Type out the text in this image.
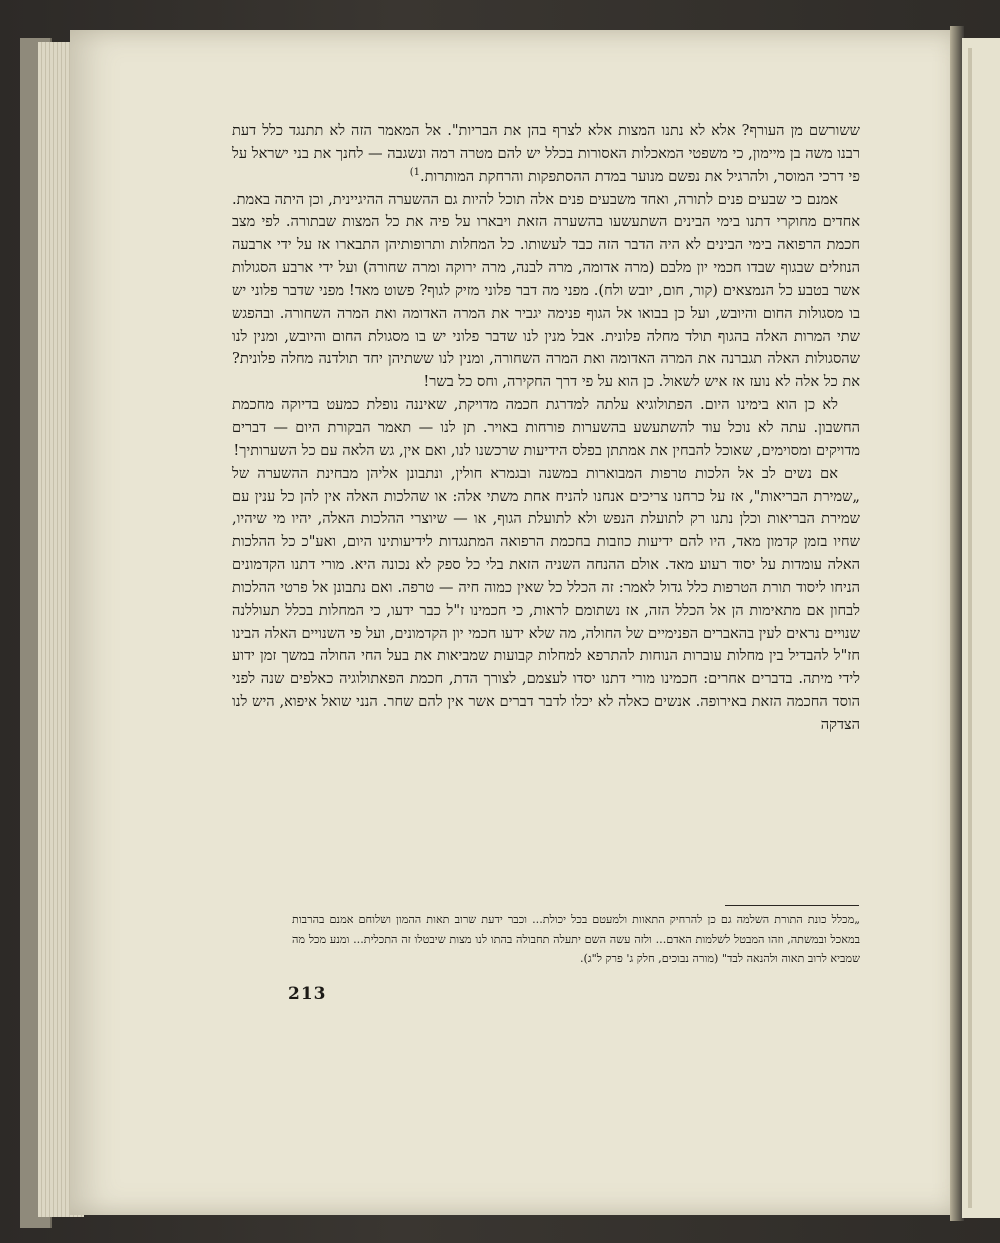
ששורשם מן העורף? אלא לא נתנו המצות אלא לצרף בהן את הבריות". אל המאמר הזה לא תתנגד כלל דעת רבנו משה בן מיימון, כי משפטי המאכלות האסורות בכלל יש להם מטרה רמה ונשגבה — לחנך את בני ישראל על פי דרכי המוסר, ולהרגיל את נפשם מנוער במדת ההסתפקות והרחקת המותרות.$^{1)}$

אמנם כי שבעים פנים לתורה, ואחד משבעים פנים אלה תוכל להיות גם ההשערה ההיגיינית, וכן היתה באמת. אחדים מחוקרי דתנו בימי הבינים השתעשעו בהשערה הזאת ויבארו על פיה את כל המצות שבתורה. לפי מצב חכמת הרפואה בימי הבינים לא היה הדבר הזה כבד לעשותו. כל המחלות ותרופותיהן התבארו אז על ידי ארבעה הנוזלים שבגוף שבדו חכמי יון מלבם (מרה אדומה, מרה לבנה, מרה ירוקה ומרה שחורה) ועל ידי ארבע הסגולות אשר בטבע כל הנמצאים (קור, חום, יובש ולח). מפני מה דבר פלוני מזיק לגוף? פשוט מאד! מפני שדבר פלוני יש בו מסגולות החום והיובש, ועל כן בבואו אל הגוף פנימה יגביר את המרה האדומה ואת המרה השחורה. ובהפגש שתי המרות האלה בהגוף תולד מחלה פלונית. אבל מנין לנו שדבר פלוני יש בו מסגולת החום והיובש, ומנין לנו שהסגולות האלה תגברנה את המרה האדומה ואת המרה השחורה, ומנין לנו ששתיהן יחד תולדנה מחלה פלונית? את כל אלה לא נועז אז איש לשאול. כן הוא על פי דרך החקירה, וחס כל בשר!

לא כן הוא בימינו היום. הפתולוגיא עלתה למדרגת חכמה מדויקת, שאיננה נופלת כמעט בדיוקה מחכמת החשבון. עתה לא נוכל עוד להשתעשע בהשערות פורחות באויר. תן לנו — תאמר הבקורת היום — דברים מדויקים ומסוימים, שאוכל להבחין את אמתתן בפלס הידיעות שרכשנו לנו, ואם אין, גש הלאה עם כל השערותיך!

אם נשים לב אל הלכות טרפות המבוארות במשנה ובגמרא חולין, ונתבונן אליהן מבחינת ההשערה של „שמירת הבריאות", אז על כרחנו צריכים אנחנו להניח אחת משתי אלה: או שהלכות האלה אין להן כל ענין עם שמירת הבריאות וכלן נתנו רק לתועלת הנפש ולא לתועלת הגוף, או — שיוצרי ההלכות האלה, יהיו מי שיהיו, שחיו בזמן קדמון מאד, היו להם ידיעות כוזבות בחכמת הרפואה המתנגדות לידיעותינו היום, ואע"כ כל ההלכות האלה עומדות על יסוד רעוע מאד. אולם ההנחה השניה הזאת בלי כל ספק לא נכונה היא. מורי דתנו הקדמונים הניחו ליסוד תורת הטרפות כלל גדול לאמר: זה הכלל כל שאין כמוה חיה — טרפה. ואם נתבונן אל פרטי ההלכות לבחון אם מתאימות הן אל הכלל הזה, אז נשתומם לראות, כי חכמינו ז"ל כבר ידעו, כי המחלות בכלל תעוללנה שנויים נראים לעין בהאברים הפנימיים של החולה, מה שלא ידעו חכמי יון הקדמונים, ועל פי השנויים האלה הבינו חז"ל להבדיל בין מחלות עוברות הנוחות להתרפא למחלות קבועות שמביאות את בעל החי החולה במשך זמן ידוע לידי מיתה. בדברים אחרים: חכמינו מורי דתנו יסדו לעצמם, לצורך הדת, חכמת הפאתולוגיה כאלפים שנה לפני הוסד החכמה הזאת באירופה. אנשים כאלה לא יכלו לדבר דברים אשר אין להם שחר. הנני שואל איפוא, היש לנו הצדקה

„מכלל כונת התורת השלמה גם כן להרחיק התאוות ולמעטם בכל יכולת... וכבר ידעת שרוב תאות ההמון ושלוחם אמנם בהרבות במאכל ובמשתה, וזהו המבטל לשלמות האדם... ולזה עשה השם יתעלה תחבולה בהתו לנו מצות שיבטלו זה התכלית... ומנע מכל מה שמביא לרוב תאוה ולהנאה לבד" (מורה נבוכים, חלק ג' פרק ל"ג).

213
